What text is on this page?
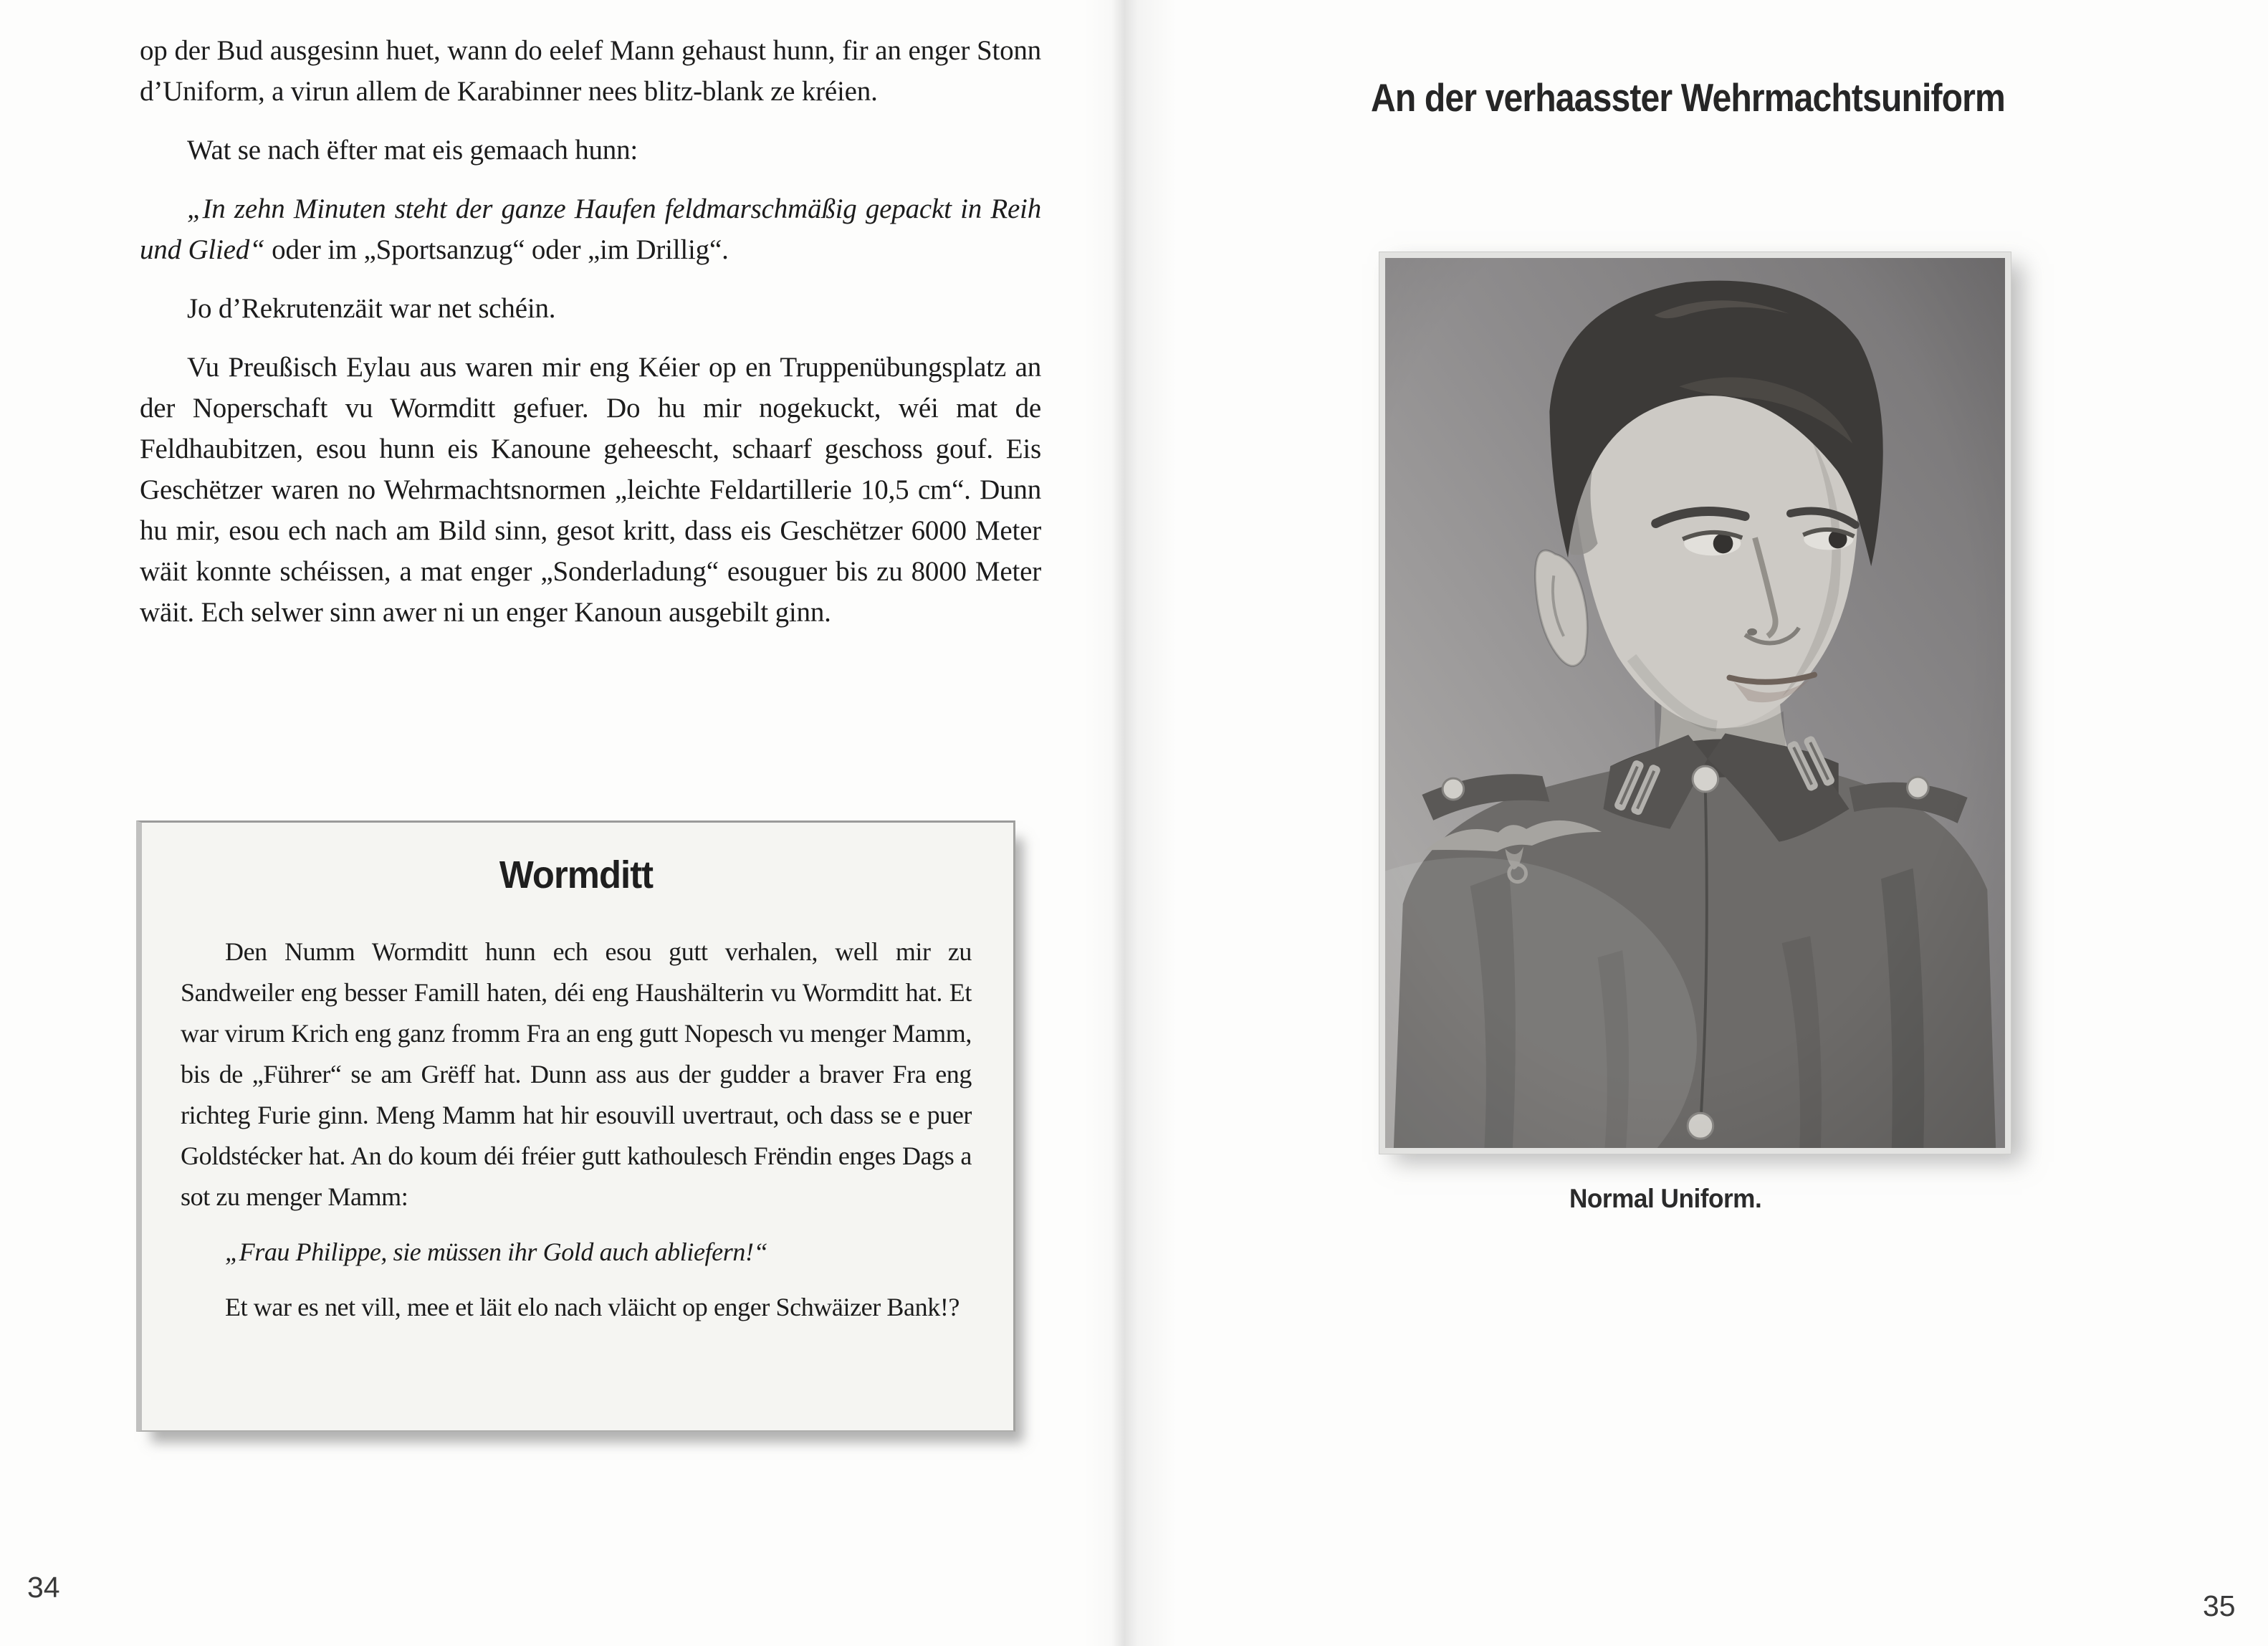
op der Bud ausgesinn huet, wann do eelef Mann gehaust hunn, fir an enger Stonn d’Uniform, a virun allem de Karabinner nees blitz-blank ze kréien.

Wat se nach ëfter mat eis gemaach hunn:

„In zehn Minuten steht der ganze Haufen feldmarschmäßig gepackt in Reih und Glied“ oder im „Sportsanzug“ oder „im Drillig“.

Jo d’Rekrutenzäit war net schéin.

Vu Preußisch Eylau aus waren mir eng Kéier op en Truppenübungsplatz an der Noperschaft vu Wormditt gefuer. Do hu mir nogekuckt, wéi mat de Feldhaubitzen, esou hunn eis Kanoune geheescht, schaarf geschoss gouf. Eis Geschëtzer waren no Wehrmachtsnormen „leichte Feldartillerie 10,5 cm“. Dunn hu mir, esou ech nach am Bild sinn, gesot kritt, dass eis Geschëtzer 6000 Meter wäit konnte schéissen, a mat enger „Sonderladung“ esouguer bis zu 8000 Meter wäit. Ech selwer sinn awer ni un enger Kanoun ausgebilt ginn.

Wormditt

Den Numm Wormditt hunn ech esou gutt verhalen, well mir zu Sandweiler eng besser Famill haten, déi eng Haushälterin vu Wormditt hat. Et war virum Krich eng ganz fromm Fra an eng gutt Nopesch vu menger Mamm, bis de „Führer“ se am Grëff hat. Dunn ass aus der gudder a braver Fra eng richteg Furie ginn. Meng Mamm hat hir esouvill uvertraut, och dass se e puer Goldstécker hat. An do koum déi fréier gutt kathoulesch Frëndin enges Dags a sot zu menger Mamm:

„Frau Philippe, sie müssen ihr Gold auch abliefern!“

Et war es net vill, mee et läit elo nach vläicht op enger Schwäizer Bank!?

34
An der verhaasster Wehrmachtsuniform
Normal Uniform.
35
